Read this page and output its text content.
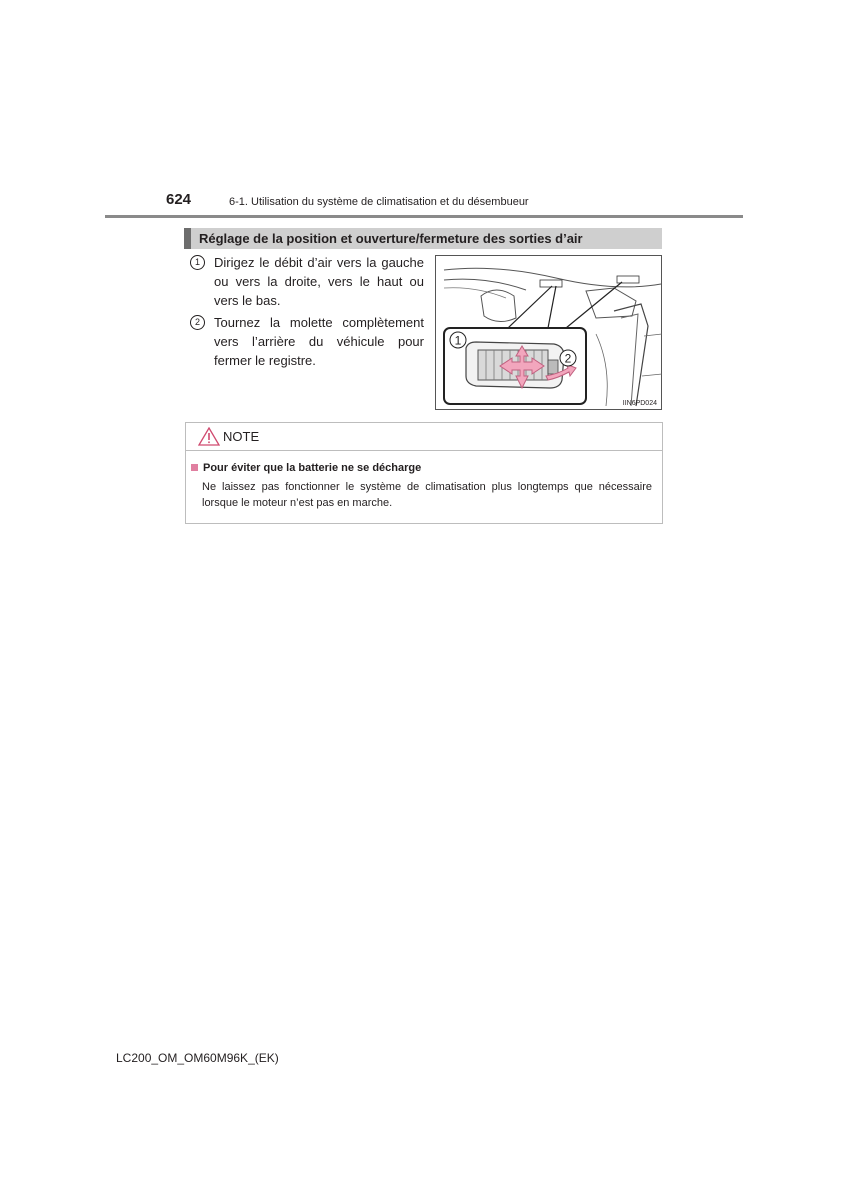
624	6-1. Utilisation du système de climatisation et du désembueur
Réglage de la position et ouverture/fermeture des sorties d’air
1	Dirigez le débit d’air vers la gauche ou vers la droite, vers le haut ou vers le bas.
2	Tournez la molette complètement vers l’arrière du véhicule pour fermer le registre.
1
2
IIN6PD024
NOTE
Pour éviter que la batterie ne se décharge
Ne laissez pas fonctionner le système de climatisation plus longtemps que nécessaire lorsque le moteur n’est pas en marche.
LC200_OM_OM60M96K_(EK)
